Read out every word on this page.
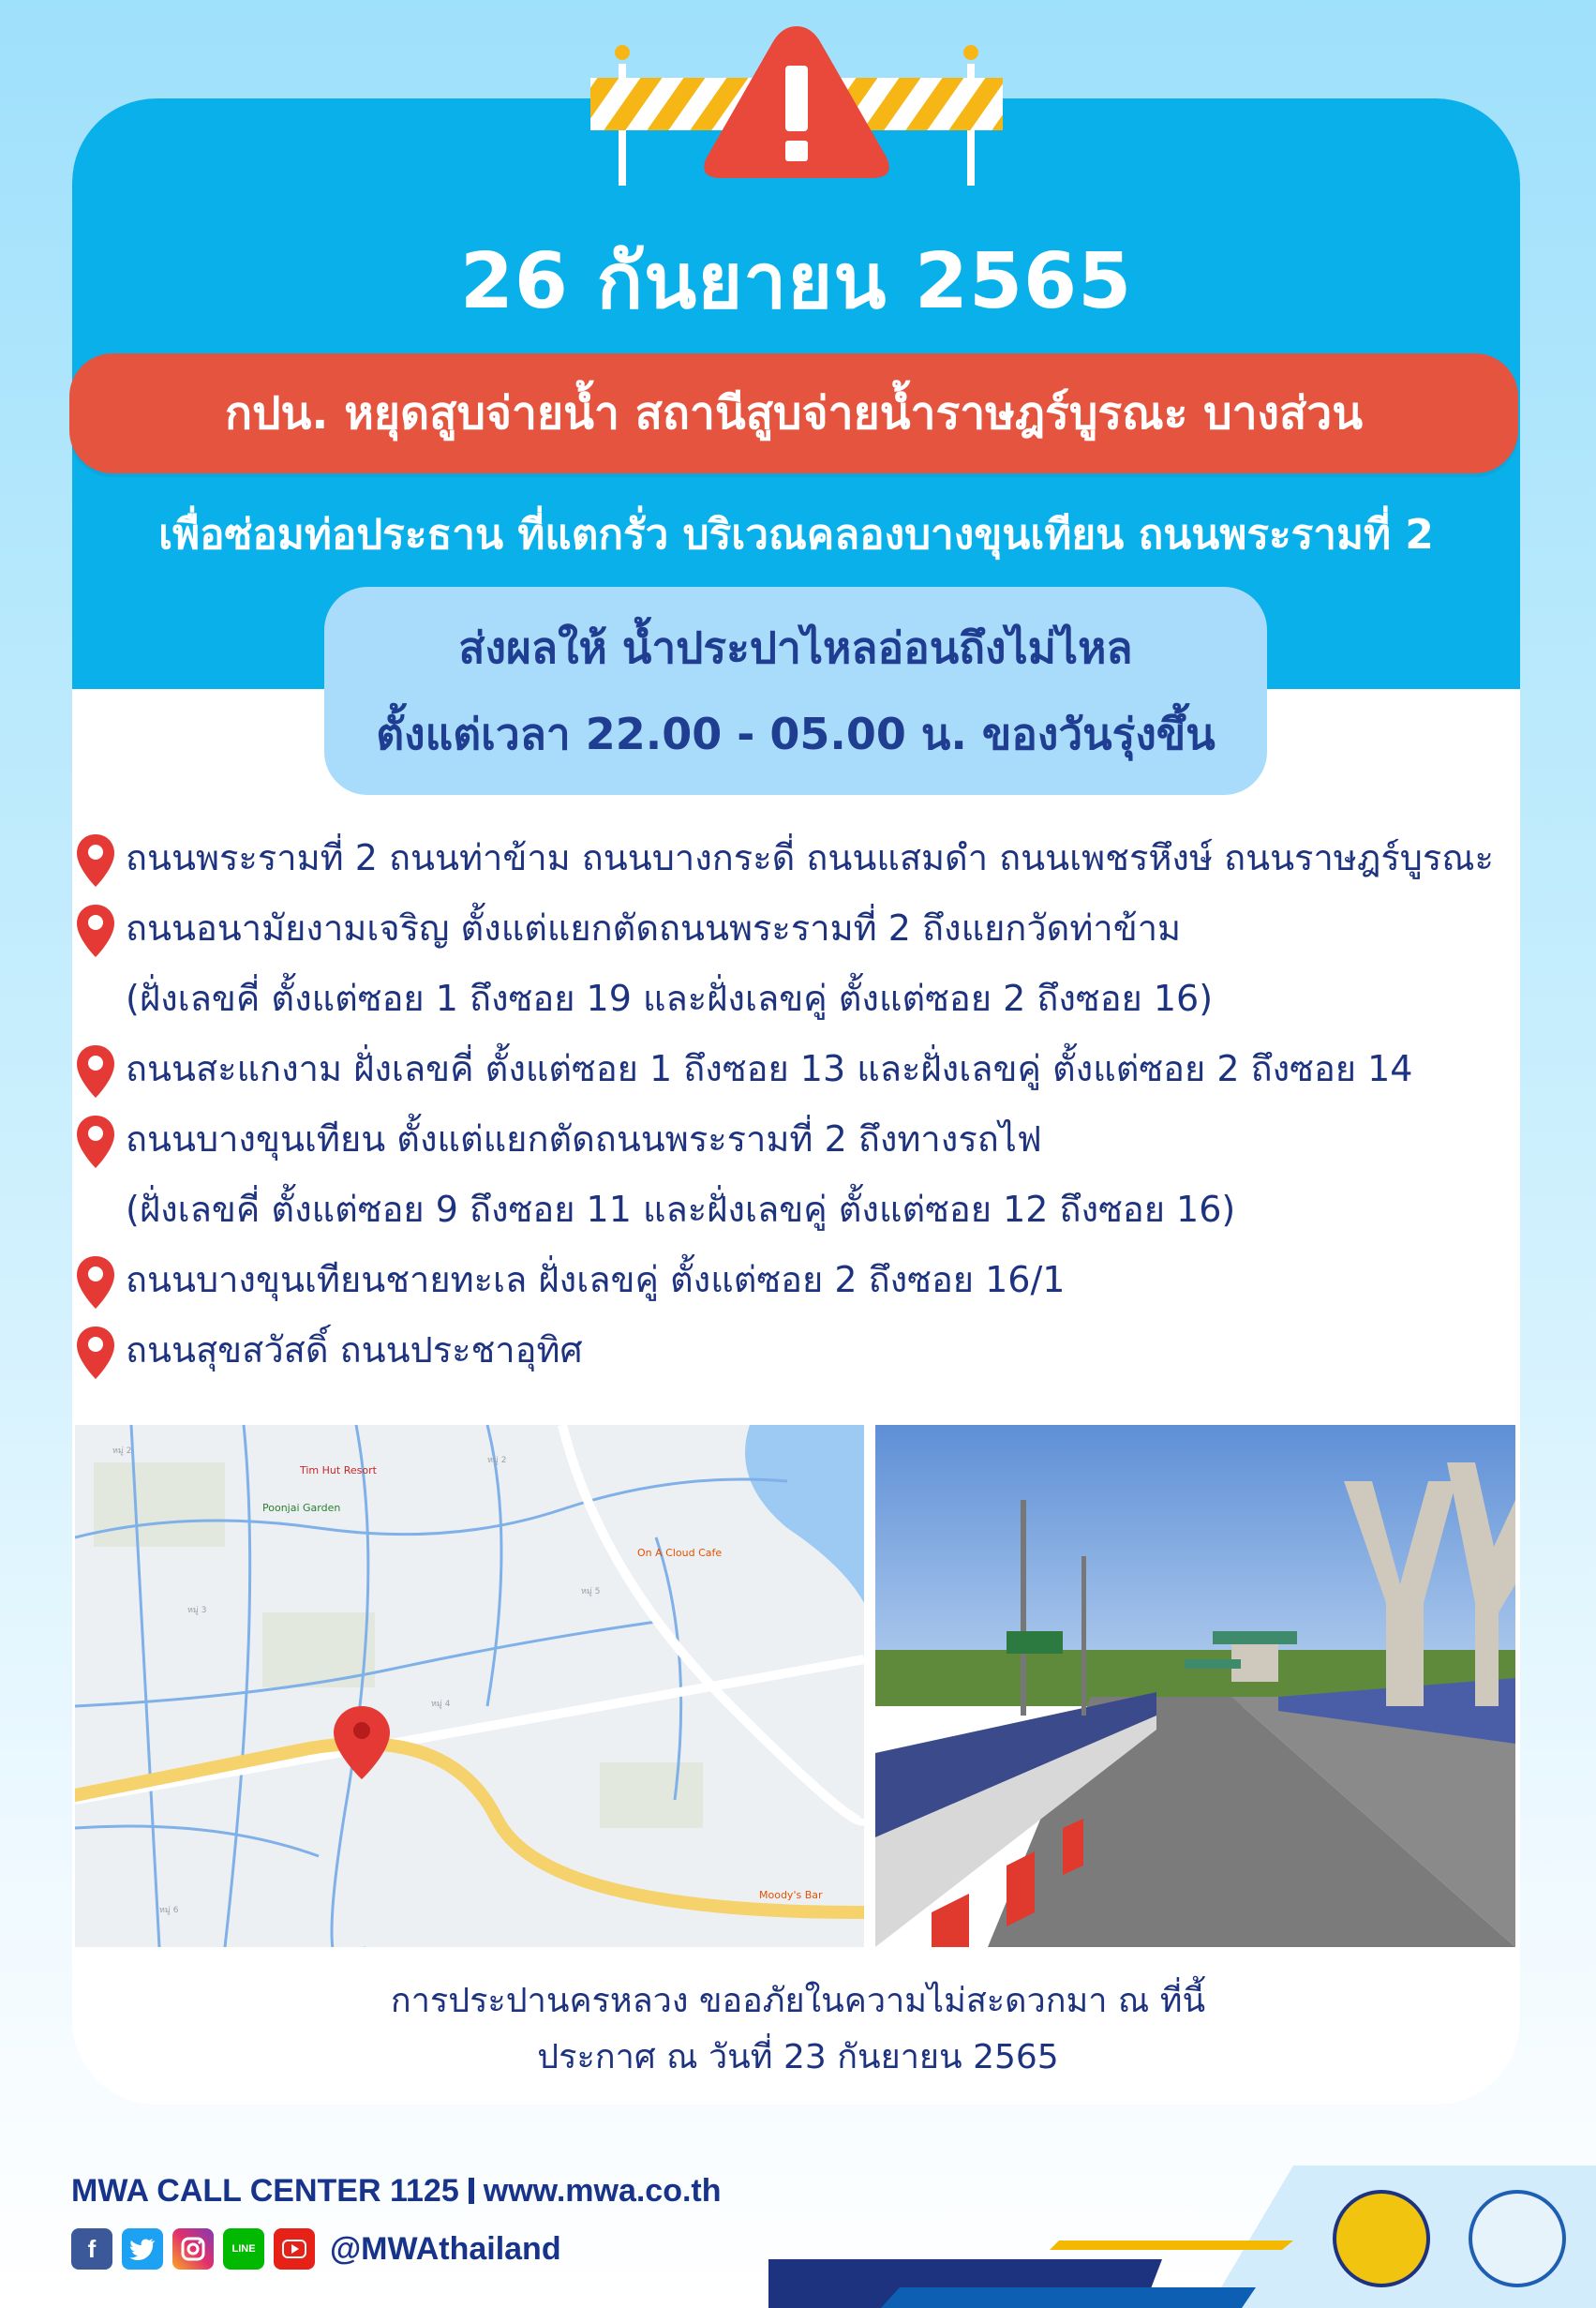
26 กันยายน 2565
กปน. หยุดสูบจ่ายน้ำ สถานีสูบจ่ายน้ำราษฎร์บูรณะ บางส่วน
เพื่อซ่อมท่อประธาน ที่แตกรั่ว บริเวณคลองบางขุนเทียน ถนนพระรามที่ 2
ส่งผลให้ น้ำประปาไหลอ่อนถึงไม่ไหล
ตั้งแต่เวลา 22.00 - 05.00 น. ของวันรุ่งขึ้น
ถนนพระรามที่ 2 ถนนท่าข้าม ถนนบางกระดี่ ถนนแสมดำ ถนนเพชรหึงษ์ ถนนราษฎร์บูรณะ
ถนนอนามัยงามเจริญ ตั้งแต่แยกตัดถนนพระรามที่ 2 ถึงแยกวัดท่าข้าม
(ฝั่งเลขคี่ ตั้งแต่ซอย 1 ถึงซอย 19 และฝั่งเลขคู่ ตั้งแต่ซอย 2 ถึงซอย 16)
ถนนสะแกงาม ฝั่งเลขคี่ ตั้งแต่ซอย 1 ถึงซอย 13 และฝั่งเลขคู่ ตั้งแต่ซอย 2 ถึงซอย 14
ถนนบางขุนเทียน ตั้งแต่แยกตัดถนนพระรามที่ 2 ถึงทางรถไฟ
(ฝั่งเลขคี่ ตั้งแต่ซอย 9 ถึงซอย 11 และฝั่งเลขคู่ ตั้งแต่ซอย 12 ถึงซอย 16)
ถนนบางขุนเทียนชายทะเล ฝั่งเลขคู่ ตั้งแต่ซอย 2 ถึงซอย 16/1
ถนนสุขสวัสดิ์ ถนนประชาอุทิศ
หมู่ 2
หมู่ 2
หมู่ 3
หมู่ 4
หมู่ 5
หมู่ 6
Poonjai Garden
On A Cloud Cafe
Tim Hut Resort
Moody's Bar
การประปานครหลวง ขออภัยในความไม่สะดวกมา ณ ที่นี้
ประกาศ ณ วันที่ 23 กันยายน 2565
MWA CALL CENTER 1125 www.mwa.co.th
f	LINE @MWAthailand
